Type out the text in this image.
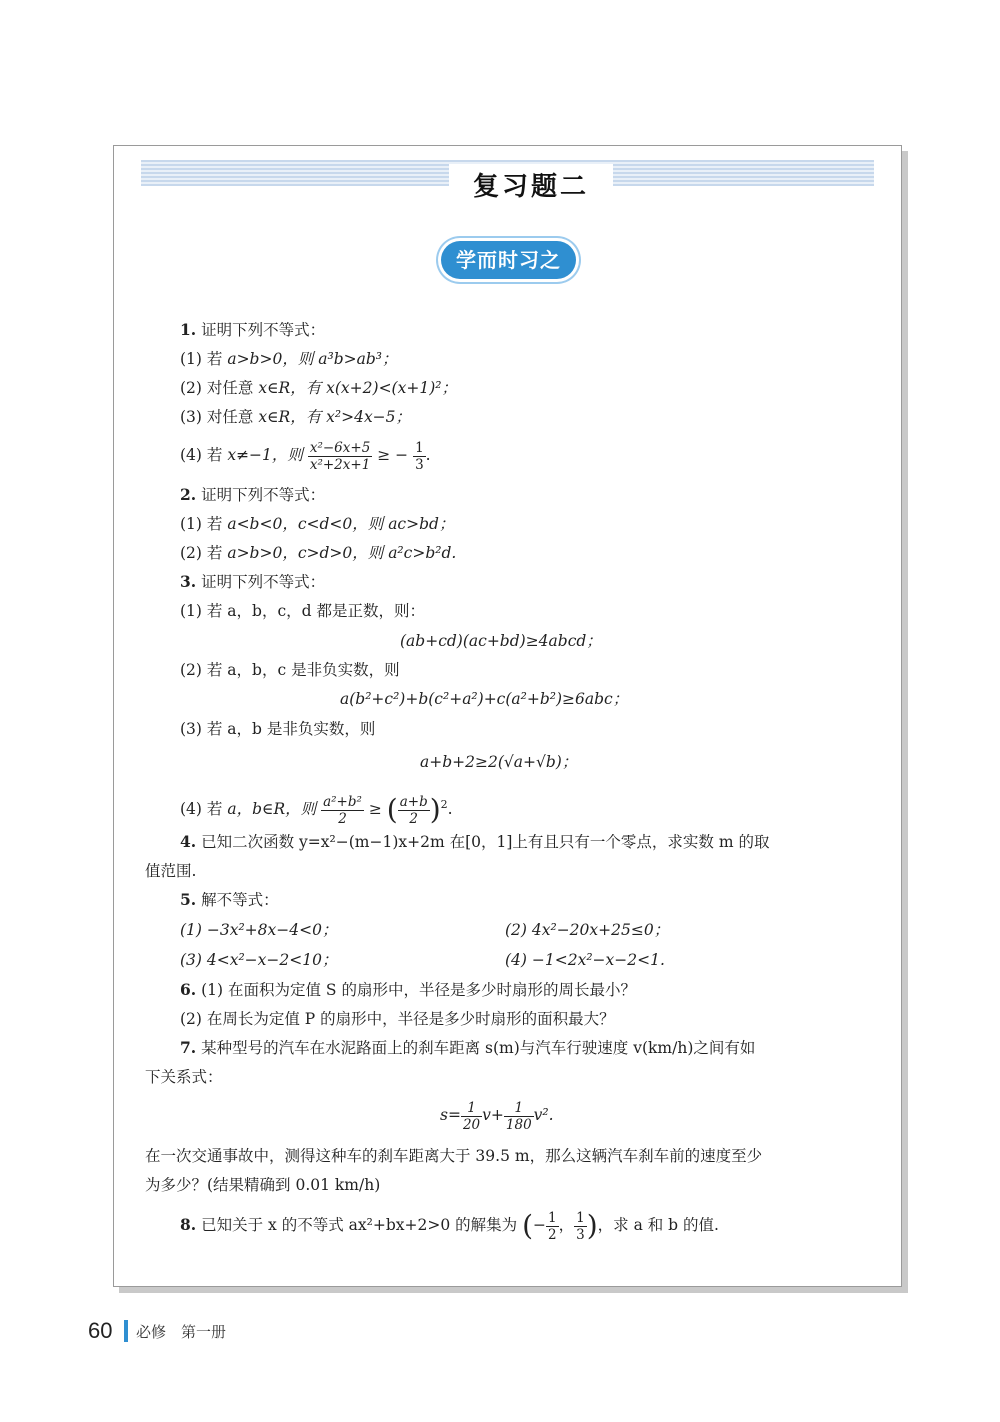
复习题二
学而时习之
1. 证明下列不等式：
(1) 若 a>b>0，则 a³b>ab³；
(2) 对任意 x∈R，有 x(x+2)<(x+1)²；
(3) 对任意 x∈R，有 x²>4x−5；
(4) 若 x≠−1，则 $\frac{\text{x²−6x+5}}{\text{x²+2x+1}}$ ≥ − $\frac{1}{3}$ .
2. 证明下列不等式：
(1) 若 a<b<0，c<d<0，则 ac>bd；
(2) 若 a>b>0，c>d>0，则 a²c>b²d.
3. 证明下列不等式：
(1) 若 a，b，c，d 都是正数，则：
(ab+cd)(ac+bd)≥4abcd；
(2) 若 a，b，c 是非负实数，则
a(b²+c²)+b(c²+a²)+c(a²+b²)≥6abc；
(3) 若 a，b 是非负实数，则
a+b+2≥2(√a+√b)；
(4) 若 a，b∈R，则 $\frac{\text{a²+b²}}{2}$ ≥ ( $\frac{a+b}{2} )^2$.
4. 已知二次函数 y=x²−(m−1)x+2m 在[0，1]上有且只有一个零点，求实数 m 的取
值范围.
5. 解不等式：
(1) −3x²+8x−4<0；	(2) 4x²−20x+25≤0；
(3) 4<x²−x−2<10；	(4) −1<2x²−x−2<1.
6. (1) 在面积为定值 S 的扇形中，半径是多少时扇形的周长最小？
(2) 在周长为定值 P 的扇形中，半径是多少时扇形的面积最大？
7. 某种型号的汽车在水泥路面上的刹车距离 s(m)与汽车行驶速度 v(km/h)之间有如
下关系式：
$s= \frac{1}{20} v+ \frac{1}{180} v^2$.
在一次交通事故中，测得这种车的刹车距离大于 39.5 m，那么这辆汽车刹车前的速度至少
为多少？(结果精确到 0.01 km/h)
8. 已知关于 x 的不等式 ax²+bx+2>0 的解集为 (− $\frac{1}{2}$ ， $\frac{1}{3}$ )，求 a 和 b 的值.
60 必修　第一册
